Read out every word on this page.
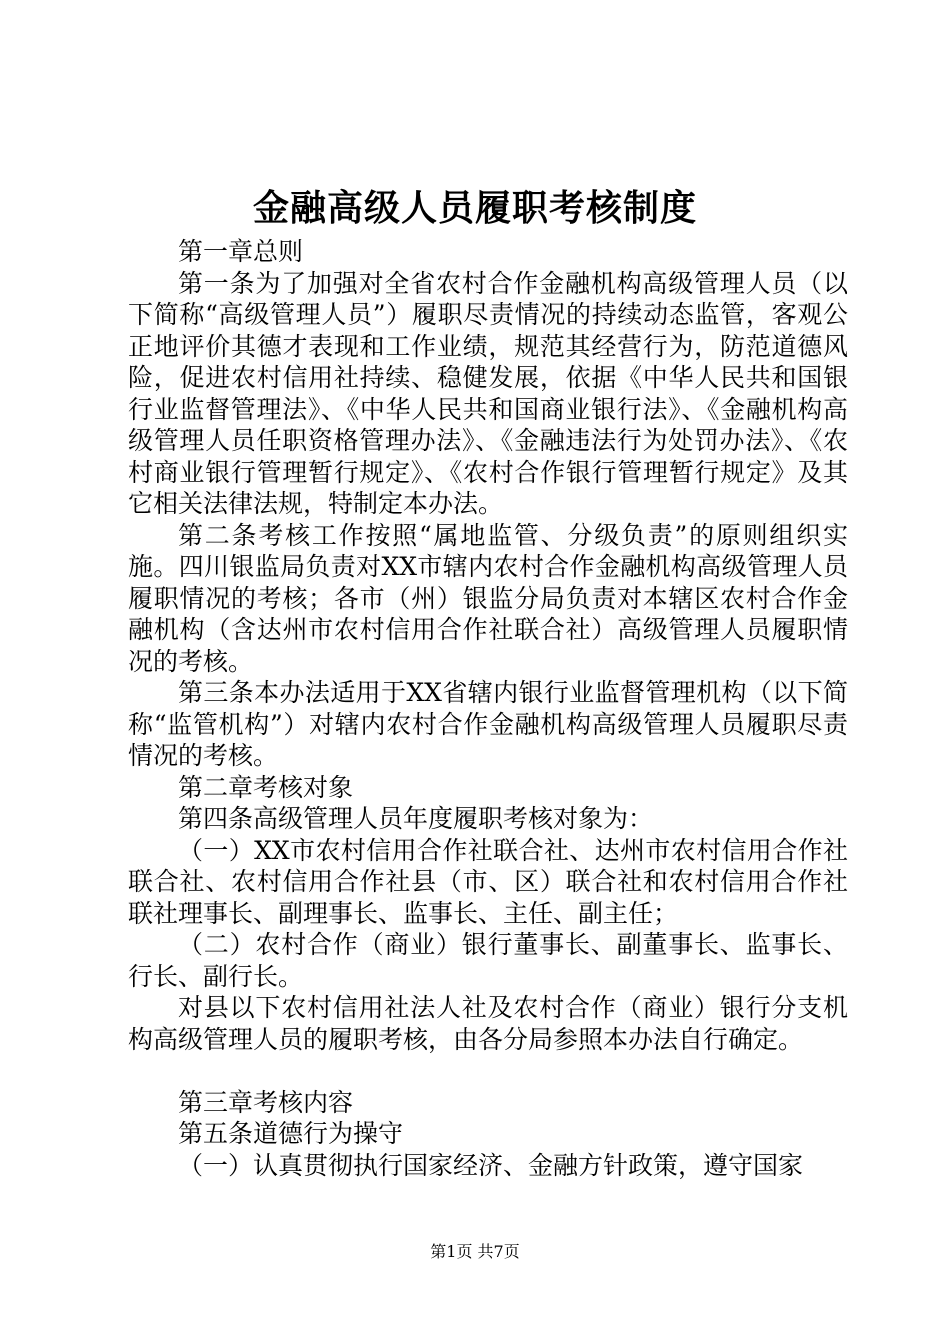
金融高级人员履职考核制度

第一章总则

第一条为了加强对全省农村合作金融机构高级管理人员（以下简称“高级管理人员”）履职尽责情况的持续动态监管，客观公正地评价其德才表现和工作业绩，规范其经营行为，防范道德风险，促进农村信用社持续、稳健发展，依据《中华人民共和国银行业监督管理法》、《中华人民共和国商业银行法》、《金融机构高级管理人员任职资格管理办法》、《金融违法行为处罚办法》、《农村商业银行管理暂行规定》、《农村合作银行管理暂行规定》及其它相关法律法规，特制定本办法。

第二条考核工作按照“属地监管、分级负责”的原则组织实施。四川银监局负责对XX市辖内农村合作金融机构高级管理人员履职情况的考核；各市（州）银监分局负责对本辖区农村合作金融机构（含达州市农村信用合作社联合社）高级管理人员履职情况的考核。

第三条本办法适用于XX省辖内银行业监督管理机构（以下简称“监管机构”）对辖内农村合作金融机构高级管理人员履职尽责情况的考核。

第二章考核对象

第四条高级管理人员年度履职考核对象为：

（一）XX市农村信用合作社联合社、达州市农村信用合作社联合社、农村信用合作社县（市、区）联合社和农村信用合作社联社理事长、副理事长、监事长、主任、副主任；

（二）农村合作（商业）银行董事长、副董事长、监事长、行长、副行长。

对县以下农村信用社法人社及农村合作（商业）银行分支机构高级管理人员的履职考核，由各分局参照本办法自行确定。

第三章考核内容

第五条道德行为操守

（一）认真贯彻执行国家经济、金融方针政策，遵守国家

第1页 共7页
